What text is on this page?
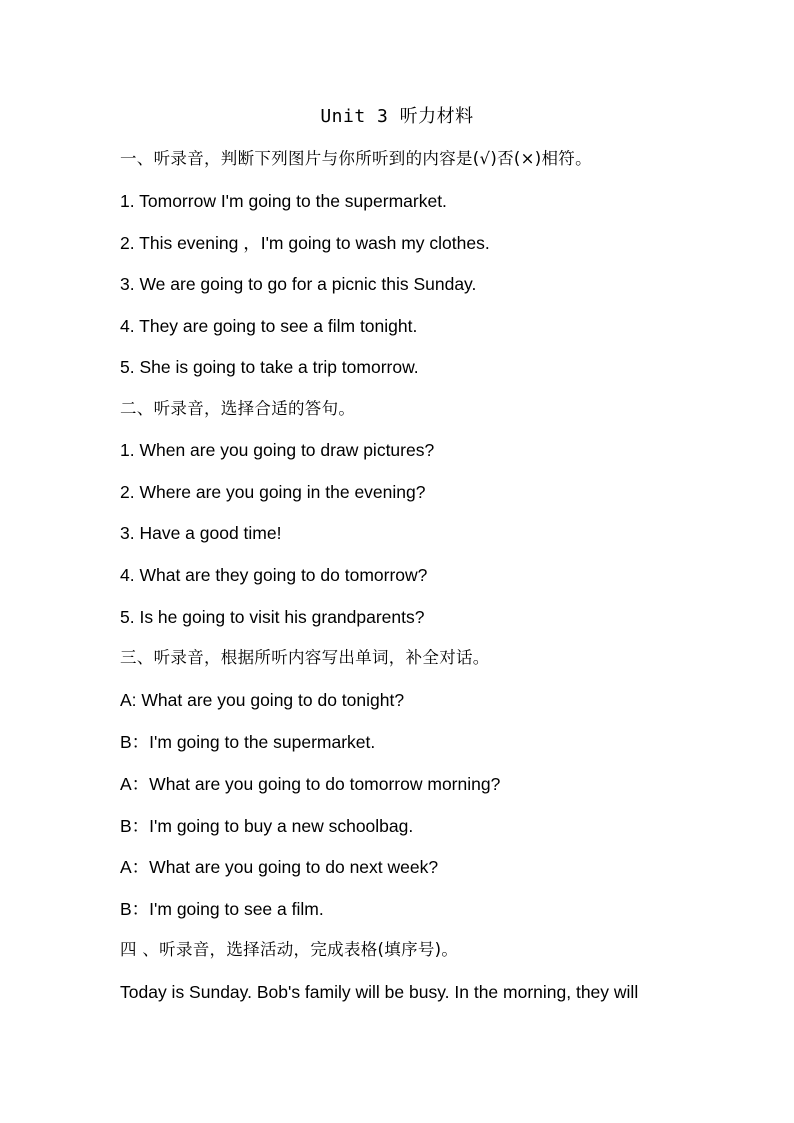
Unit 3 听力材料
一、听录音，判断下列图片与你所听到的内容是(√)否(×)相符。
1. Tomorrow I'm going to the supermarket.
2. This evening ，I'm going to wash my clothes.
3. We are going to go for a picnic this Sunday.
4. They are going to see a film tonight.
5. She is going to take a trip tomorrow.
二、听录音，选择合适的答句。
1. When are you going to draw pictures?
2. Where are you going in the evening?
3. Have a good time!
4. What are they going to do tomorrow?
5. Is he going to visit his grandparents?
三、听录音，根据所听内容写出单词，补全对话。
A: What are you going to do tonight?
B：I'm going to the supermarket.
A：What are you going to do tomorrow morning?
B：I'm going to buy a new schoolbag.
A：What are you going to do next week?
B：I'm going to see a film.
四 、听录音，选择活动，完成表格(填序号)。
Today is Sunday. Bob's family will be busy. In the morning, they will
